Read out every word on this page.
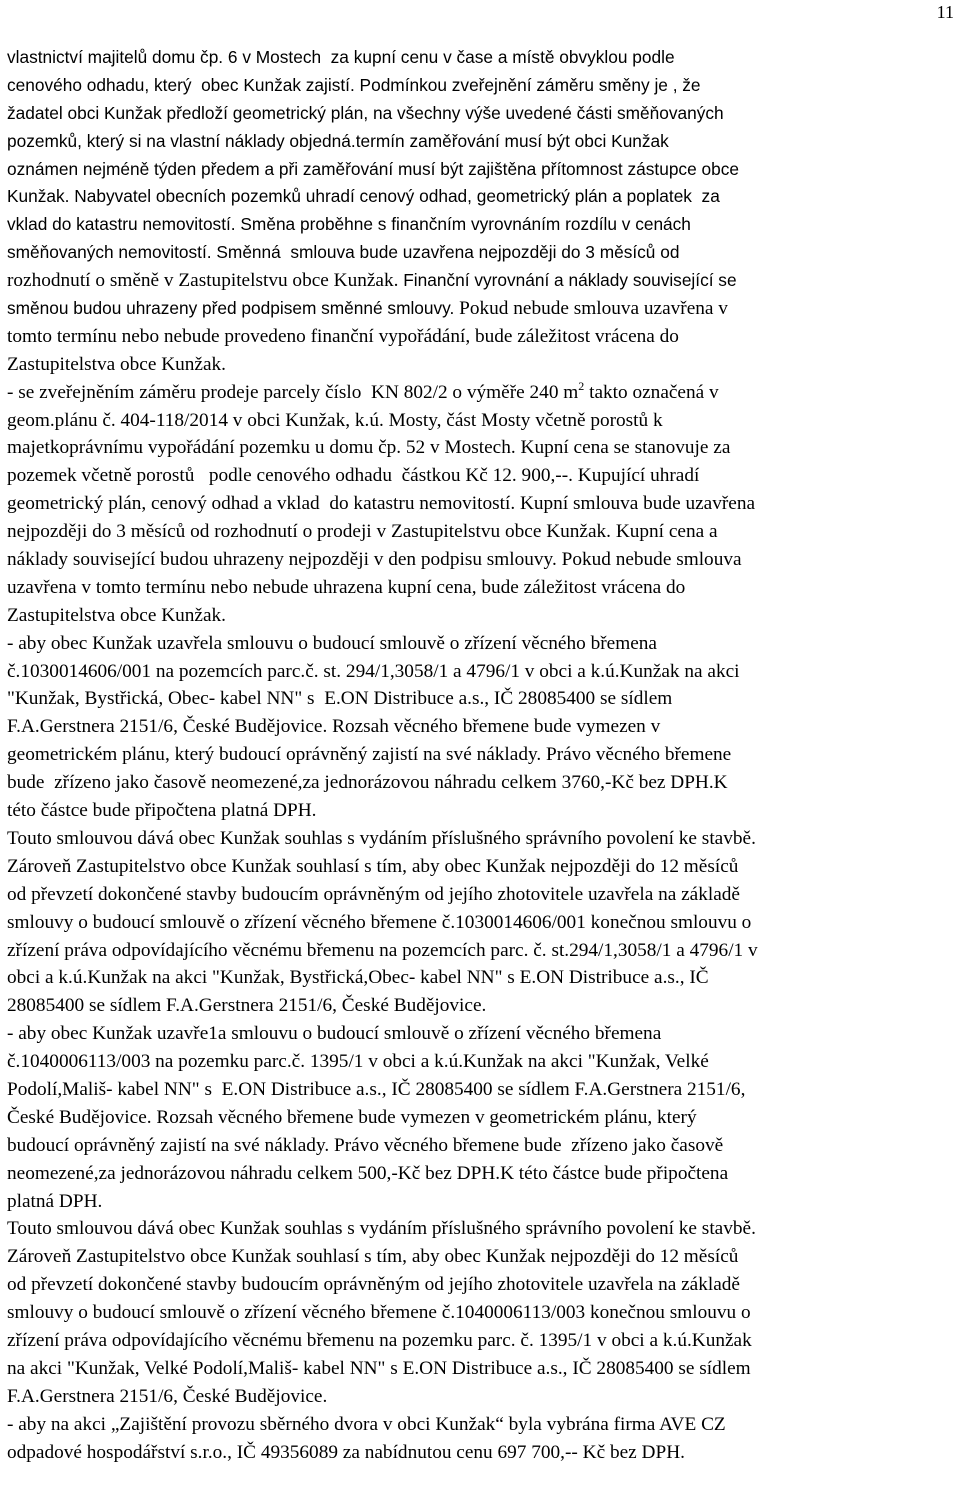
11
vlastnictví majitelů domu čp. 6 v Mostech  za kupní cenu v čase a místě obvyklou podle
cenového odhadu, který  obec Kunžak zajistí. Podmínkou zveřejnění záměru směny je , že
žadatel obci Kunžak předloží geometrický plán, na všechny výše uvedené části směňovaných
pozemků, který si na vlastní náklady objedná.termín zaměřování musí být obci Kunžak
oznámen nejméně týden předem a při zaměřování musí být zajištěna přítomnost zástupce obce
Kunžak. Nabyvatel obecních pozemků uhradí cenový odhad, geometrický plán a poplatek  za
vklad do katastru nemovitostí. Směna proběhne s finančním vyrovnáním rozdílu v cenách
směňovaných nemovitostí. Směnná  smlouva bude uzavřena nejpozději do 3 měsíců od
rozhodnutí o směně v Zastupitelstvu obce Kunžak. Finanční vyrovnání a náklady související se
směnou budou uhrazeny před podpisem směnné smlouvy. Pokud nebude smlouva uzavřena v
tomto termínu nebo nebude provedeno finanční vypořádání, bude záležitost vrácena do
Zastupitelstva obce Kunžak.
- se zveřejněním záměru prodeje parcely číslo  KN 802/2 o výměře 240 $m^2$ takto označená v
geom.plánu č. 404-118/2014 v obci Kunžak, k.ú. Mosty, část Mosty včetně porostů k
majetkoprávnímu vypořádání pozemku u domu čp. 52 v Mostech. Kupní cena se stanovuje za
pozemek včetně porostů   podle cenového odhadu  částkou Kč 12. 900,--. Kupující uhradí
geometrický plán, cenový odhad a vklad  do katastru nemovitostí. Kupní smlouva bude uzavřena
nejpozději do 3 měsíců od rozhodnutí o prodeji v Zastupitelstvu obce Kunžak. Kupní cena a
náklady související budou uhrazeny nejpozději v den podpisu smlouvy. Pokud nebude smlouva
uzavřena v tomto termínu nebo nebude uhrazena kupní cena, bude záležitost vrácena do
Zastupitelstva obce Kunžak.
- aby obec Kunžak uzavřela smlouvu o budoucí smlouvě o zřízení věcného břemena
č.1030014606/001 na pozemcích parc.č. st. 294/1,3058/1 a 4796/1 v obci a k.ú.Kunžak na akci
"Kunžak, Bystřická, Obec- kabel NN" s  E.ON Distribuce a.s., IČ 28085400 se sídlem
F.A.Gerstnera 2151/6, České Budějovice. Rozsah věcného břemene bude vymezen v
geometrickém plánu, který budoucí oprávněný zajistí na své náklady. Právo věcného břemene
bude  zřízeno jako časově neomezené,za jednorázovou náhradu celkem 3760,-Kč bez DPH.K
této částce bude připočtena platná DPH.
Touto smlouvou dává obec Kunžak souhlas s vydáním příslušného správního povolení ke stavbě.
Zároveň Zastupitelstvo obce Kunžak souhlasí s tím, aby obec Kunžak nejpozději do 12 měsíců
od převzetí dokončené stavby budoucím oprávněným od jejího zhotovitele uzavřela na základě
smlouvy o budoucí smlouvě o zřízení věcného břemene č.1030014606/001 konečnou smlouvu o
zřízení práva odpovídajícího věcnému břemenu na pozemcích parc. č. st.294/1,3058/1 a 4796/1 v
obci a k.ú.Kunžak na akci "Kunžak, Bystřická,Obec- kabel NN" s E.ON Distribuce a.s., IČ
28085400 se sídlem F.A.Gerstnera 2151/6, České Budějovice.
- aby obec Kunžak uzavře1a smlouvu o budoucí smlouvě o zřízení věcného břemena
č.1040006113/003 na pozemku parc.č. 1395/1 v obci a k.ú.Kunžak na akci "Kunžak, Velké
Podolí,Mališ- kabel NN" s  E.ON Distribuce a.s., IČ 28085400 se sídlem F.A.Gerstnera 2151/6,
České Budějovice. Rozsah věcného břemene bude vymezen v geometrickém plánu, který
budoucí oprávněný zajistí na své náklady. Právo věcného břemene bude  zřízeno jako časově
neomezené,za jednorázovou náhradu celkem 500,-Kč bez DPH.K této částce bude připočtena
platná DPH.
Touto smlouvou dává obec Kunžak souhlas s vydáním příslušného správního povolení ke stavbě.
Zároveň Zastupitelstvo obce Kunžak souhlasí s tím, aby obec Kunžak nejpozději do 12 měsíců
od převzetí dokončené stavby budoucím oprávněným od jejího zhotovitele uzavřela na základě
smlouvy o budoucí smlouvě o zřízení věcného břemene č.1040006113/003 konečnou smlouvu o
zřízení práva odpovídajícího věcnému břemenu na pozemku parc. č. 1395/1 v obci a k.ú.Kunžak
na akci "Kunžak, Velké Podolí,Mališ- kabel NN" s E.ON Distribuce a.s., IČ 28085400 se sídlem
F.A.Gerstnera 2151/6, České Budějovice.
- aby na akci „Zajištění provozu sběrného dvora v obci Kunžak“ byla vybrána firma AVE CZ
odpadové hospodářství s.r.o., IČ 49356089 za nabídnutou cenu 697 700,-- Kč bez DPH.
